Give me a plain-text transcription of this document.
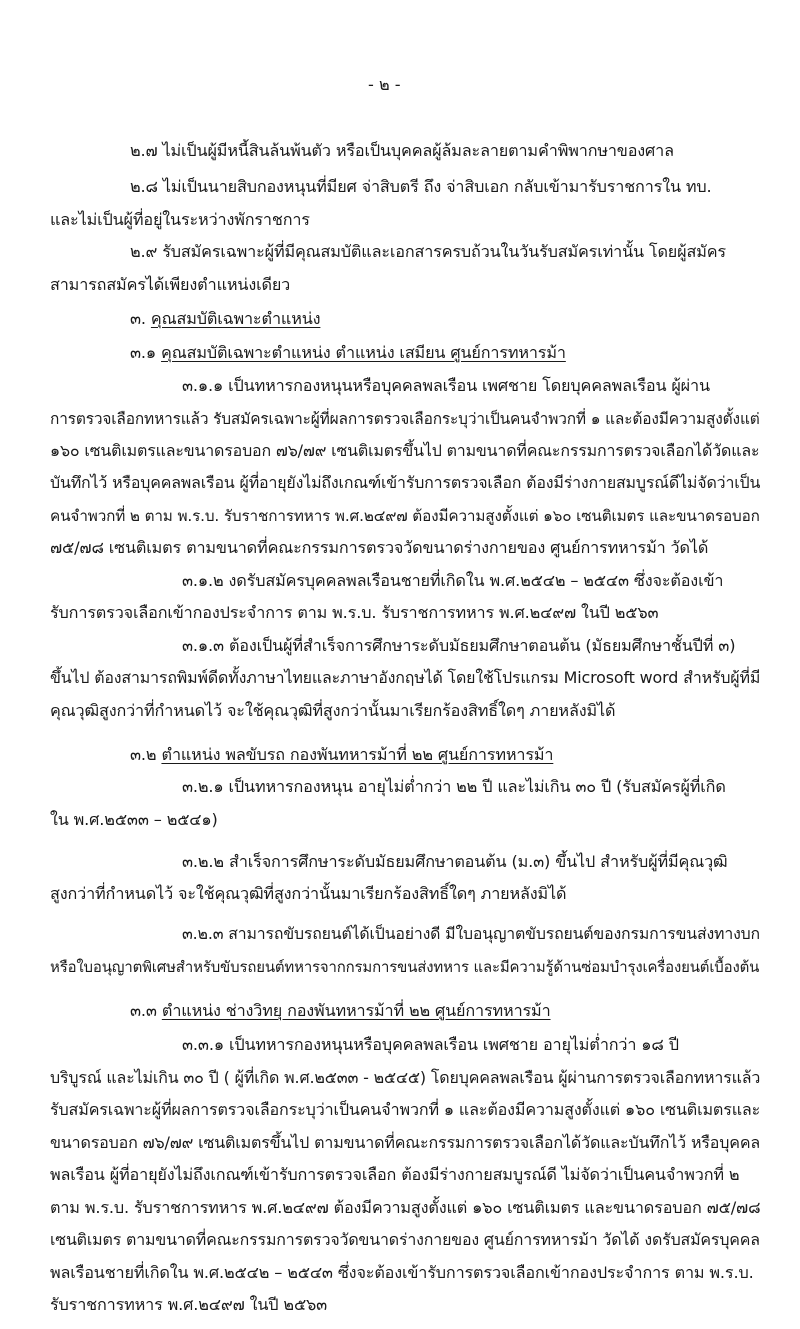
- ๒ -
๒.๗ ไม่เป็นผู้มีหนี้สินล้นพ้นตัว หรือเป็นบุคคลผู้ล้มละลายตามคำพิพากษาของศาล
๒.๘ ไม่เป็นนายสิบกองหนุนที่มียศ จ่าสิบตรี ถึง จ่าสิบเอก กลับเข้ามารับราชการใน ทบ.
และไม่เป็นผู้ที่อยู่ในระหว่างพักราชการ
๒.๙ รับสมัครเฉพาะผู้ที่มีคุณสมบัติและเอกสารครบถ้วนในวันรับสมัครเท่านั้น โดยผู้สมัคร
สามารถสมัครได้เพียงตำแหน่งเดียว
๓. คุณสมบัติเฉพาะตำแหน่ง
๓.๑ คุณสมบัติเฉพาะตำแหน่ง ตำแหน่ง เสมียน ศูนย์การทหารม้า
๓.๑.๑ เป็นทหารกองหนุนหรือบุคคลพลเรือน เพศชาย โดยบุคคลพลเรือน ผู้ผ่าน
การตรวจเลือกทหารแล้ว รับสมัครเฉพาะผู้ที่ผลการตรวจเลือกระบุว่าเป็นคนจำพวกที่ ๑ และต้องมีความสูงตั้งแต่
๑๖๐ เซนติเมตรและขนาดรอบอก ๗๖/๗๙ เซนติเมตรขึ้นไป ตามขนาดที่คณะกรรมการตรวจเลือกได้วัดและ
บันทึกไว้ หรือบุคคลพลเรือน ผู้ที่อายุยังไม่ถึงเกณฑ์เข้ารับการตรวจเลือก ต้องมีร่างกายสมบูรณ์ดีไม่จัดว่าเป็น
คนจำพวกที่ ๒ ตาม พ.ร.บ. รับราชการทหาร พ.ศ.๒๔๙๗ ต้องมีความสูงตั้งแต่ ๑๖๐ เซนติเมตร และขนาดรอบอก
๗๕/๗๘ เซนติเมตร ตามขนาดที่คณะกรรมการตรวจวัดขนาดร่างกายของ ศูนย์การทหารม้า วัดได้
๓.๑.๒ งดรับสมัครบุคคลพลเรือนชายที่เกิดใน พ.ศ.๒๕๔๒ – ๒๕๔๓ ซึ่งจะต้องเข้า
รับการตรวจเลือกเข้ากองประจำการ ตาม พ.ร.บ. รับราชการทหาร พ.ศ.๒๔๙๗ ในปี ๒๕๖๓
๓.๑.๓ ต้องเป็นผู้ที่สำเร็จการศึกษาระดับมัธยมศึกษาตอนต้น (มัธยมศึกษาชั้นปีที่ ๓)
ขึ้นไป ต้องสามารถพิมพ์ดีดทั้งภาษาไทยและภาษาอังกฤษได้ โดยใช้โปรแกรม Microsoft word สำหรับผู้ที่มี
คุณวุฒิสูงกว่าที่กำหนดไว้ จะใช้คุณวุฒิที่สูงกว่านั้นมาเรียกร้องสิทธิ์ใดๆ ภายหลังมิได้
๓.๒ ตำแหน่ง พลขับรถ กองพันทหารม้าที่ ๒๒ ศูนย์การทหารม้า
๓.๒.๑ เป็นทหารกองหนุน อายุไม่ต่ำกว่า ๒๒ ปี และไม่เกิน ๓๐ ปี (รับสมัครผู้ที่เกิด
ใน พ.ศ.๒๕๓๓ – ๒๕๔๑)
๓.๒.๒ สำเร็จการศึกษาระดับมัธยมศึกษาตอนต้น (ม.๓) ขึ้นไป สำหรับผู้ที่มีคุณวุฒิ
สูงกว่าที่กำหนดไว้ จะใช้คุณวุฒิที่สูงกว่านั้นมาเรียกร้องสิทธิ์ใดๆ ภายหลังมิได้
๓.๒.๓ สามารถขับรถยนต์ได้เป็นอย่างดี มีใบอนุญาตขับรถยนต์ของกรมการขนส่งทางบก
หรือใบอนุญาตพิเศษสำหรับขับรถยนต์ทหารจากกรมการขนส่งทหาร และมีความรู้ด้านซ่อมบำรุงเครื่องยนต์เบื้องต้น
๓.๓ ตำแหน่ง ช่างวิทยุ กองพันทหารม้าที่ ๒๒ ศูนย์การทหารม้า
๓.๓.๑ เป็นทหารกองหนุนหรือบุคคลพลเรือน เพศชาย อายุไม่ต่ำกว่า ๑๘ ปี
บริบูรณ์ และไม่เกิน ๓๐ ปี ( ผู้ที่เกิด พ.ศ.๒๕๓๓ - ๒๕๔๕) โดยบุคคลพลเรือน ผู้ผ่านการตรวจเลือกทหารแล้ว
รับสมัครเฉพาะผู้ที่ผลการตรวจเลือกระบุว่าเป็นคนจำพวกที่ ๑ และต้องมีความสูงตั้งแต่ ๑๖๐ เซนติเมตรและ
ขนาดรอบอก ๗๖/๗๙ เซนติเมตรขึ้นไป ตามขนาดที่คณะกรรมการตรวจเลือกได้วัดและบันทึกไว้ หรือบุคคล
พลเรือน ผู้ที่อายุยังไม่ถึงเกณฑ์เข้ารับการตรวจเลือก ต้องมีร่างกายสมบูรณ์ดี ไม่จัดว่าเป็นคนจำพวกที่ ๒
ตาม พ.ร.บ. รับราชการทหาร พ.ศ.๒๔๙๗ ต้องมีความสูงตั้งแต่ ๑๖๐ เซนติเมตร และขนาดรอบอก ๗๕/๗๘
เซนติเมตร ตามขนาดที่คณะกรรมการตรวจวัดขนาดร่างกายของ ศูนย์การทหารม้า วัดได้ งดรับสมัครบุคคล
พลเรือนชายที่เกิดใน พ.ศ.๒๕๔๒ – ๒๕๔๓ ซึ่งจะต้องเข้ารับการตรวจเลือกเข้ากองประจำการ ตาม พ.ร.บ.
รับราชการทหาร พ.ศ.๒๔๙๗ ในปี ๒๕๖๓
